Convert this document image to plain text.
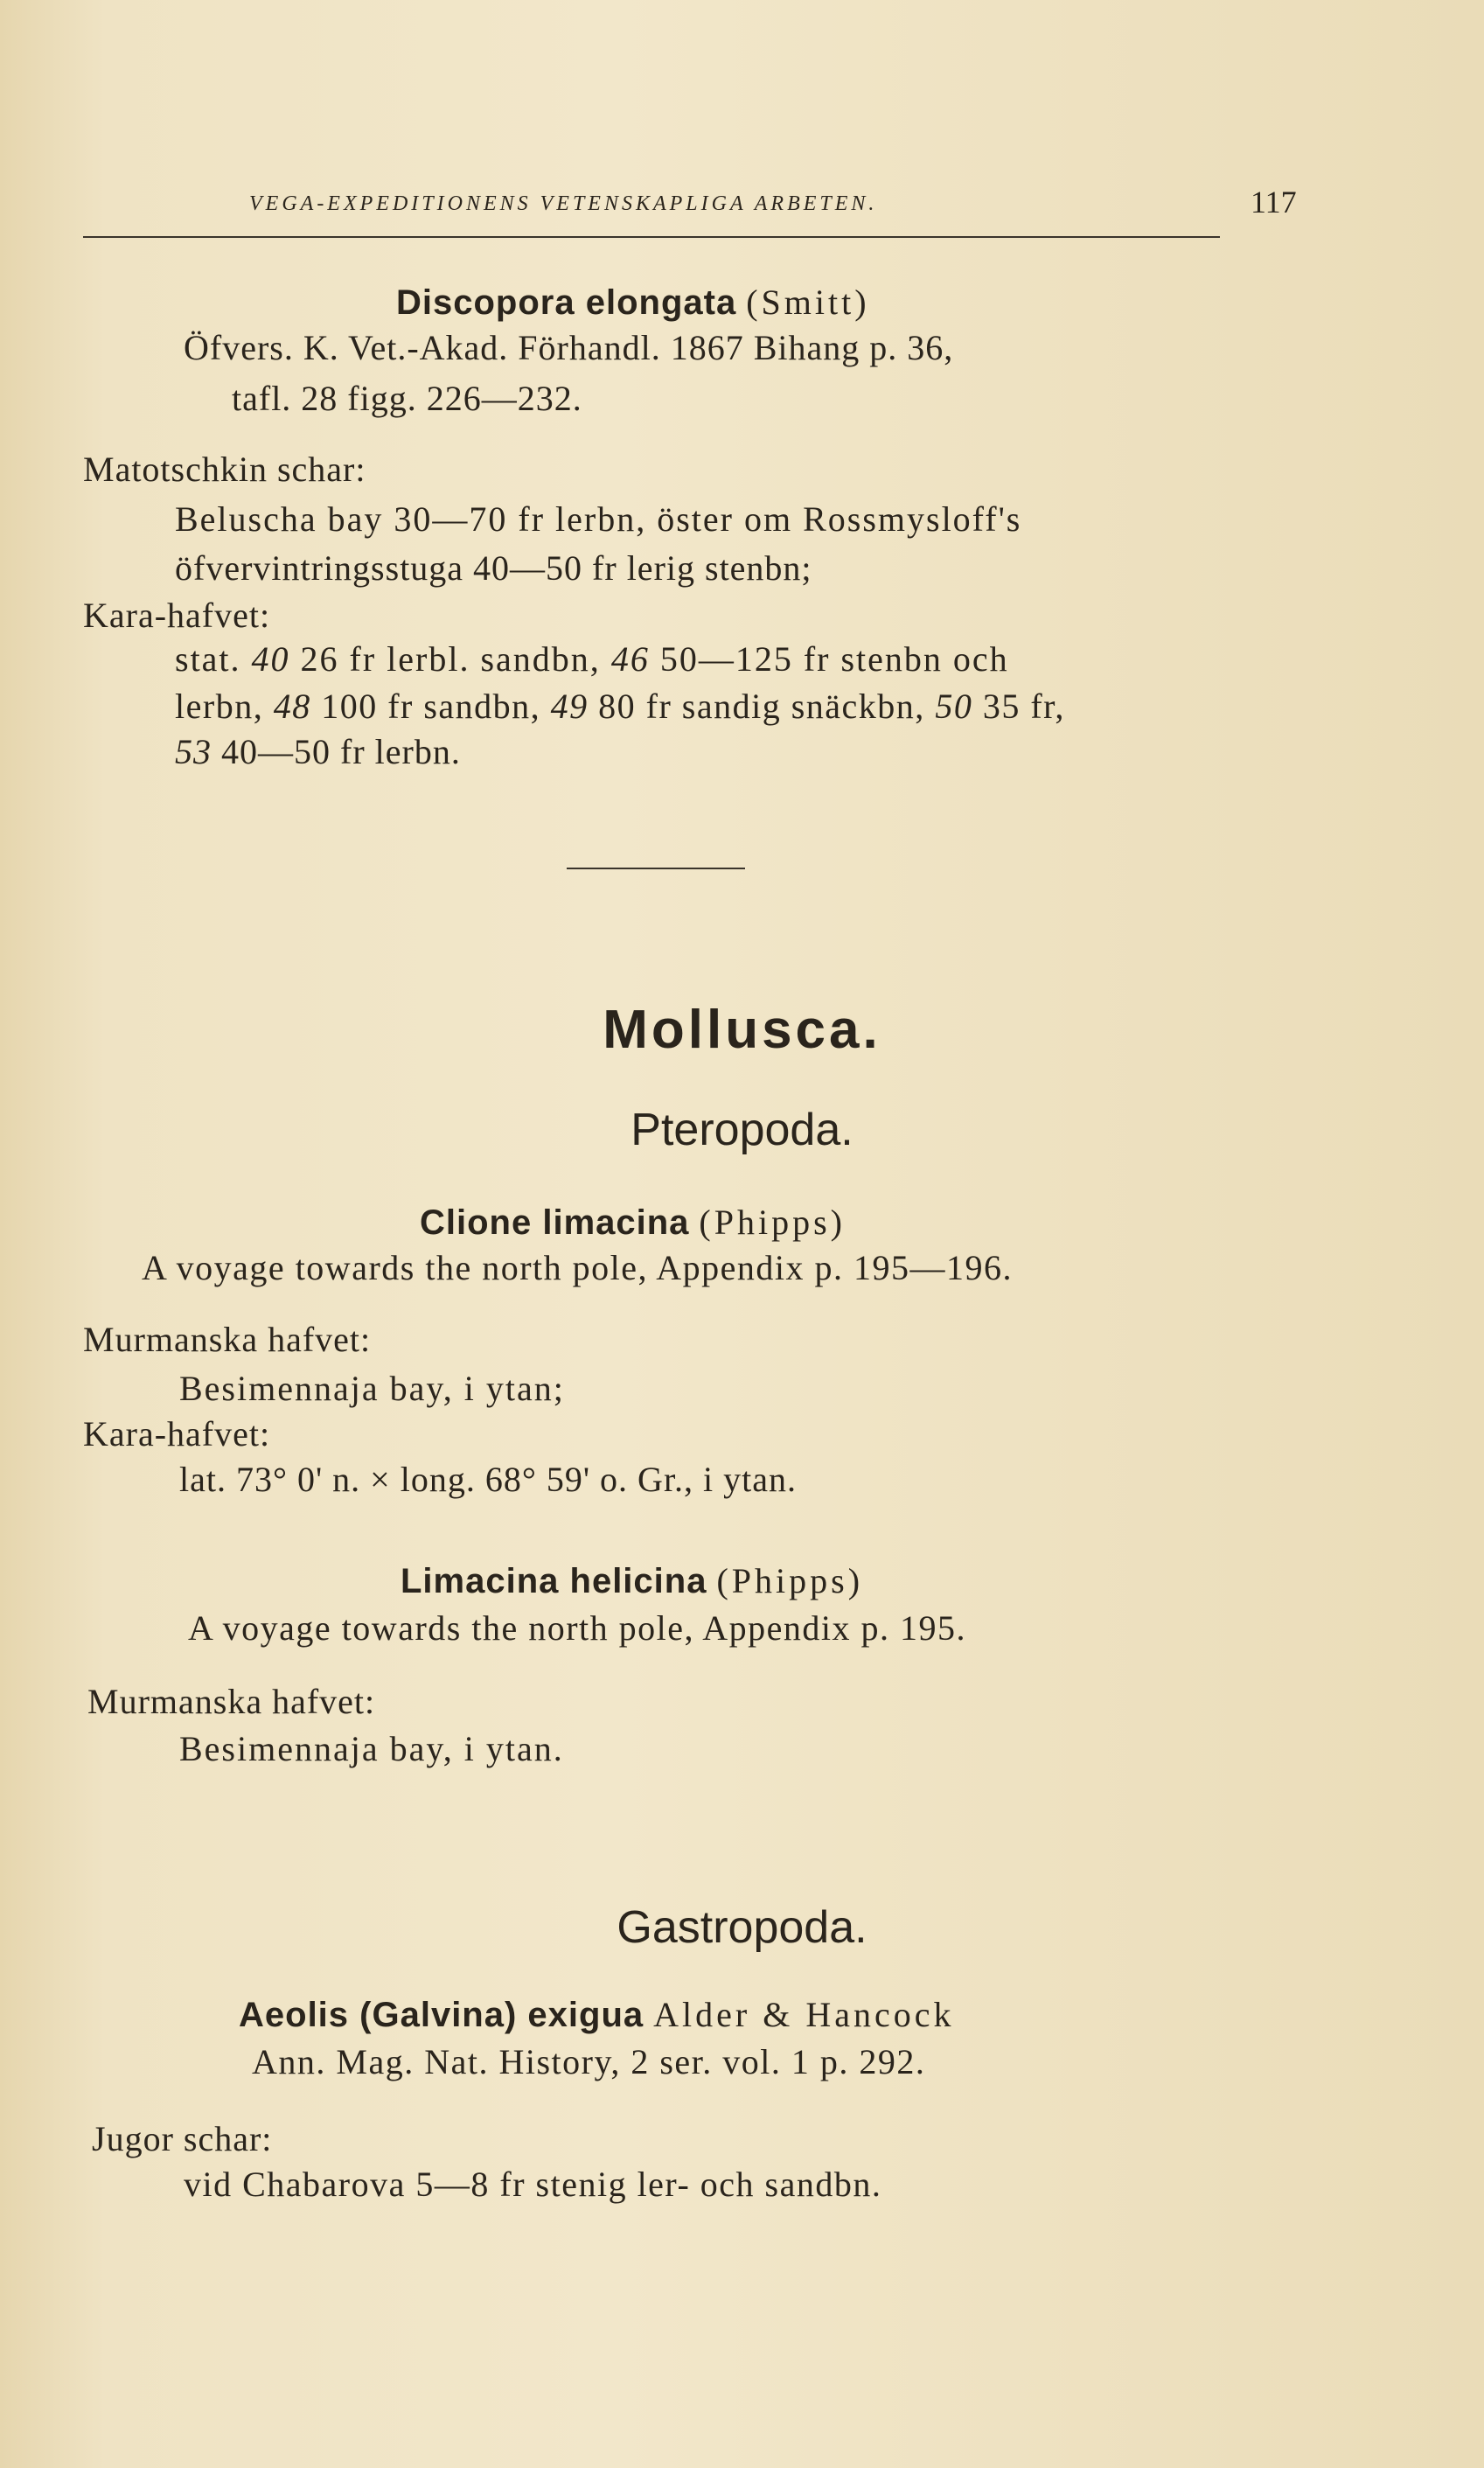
VEGA-EXPEDITIONENS VETENSKAPLIGA ARBETEN.	117
Discopora elongata (Smitt)
Öfvers. K. Vet.-Akad. Förhandl. 1867 Bihang p. 36,
tafl. 28 figg. 226—232.
Matotschkin schar:
Beluscha bay 30—70 fr lerbn, öster om Rossmysloff's
öfvervintringsstuga 40—50 fr lerig stenbn;
Kara-hafvet:
stat. 40 26 fr lerbl. sandbn, 46 50—125 fr stenbn och
lerbn, 48 100 fr sandbn, 49 80 fr sandig snäckbn, 50 35 fr,
53 40—50 fr lerbn.
Mollusca.
Pteropoda.
Clione limacina (Phipps)
A voyage towards the north pole, Appendix p. 195—196.
Murmanska hafvet:
Besimennaja bay, i ytan;
Kara-hafvet:
lat. 73° 0' n. × long. 68° 59' o. Gr., i ytan.
Limacina helicina (Phipps)
A voyage towards the north pole, Appendix p. 195.
Murmanska hafvet:
Besimennaja bay, i ytan.
Gastropoda.
Aeolis (Galvina) exigua Alder & Hancock
Ann. Mag. Nat. History, 2 ser. vol. 1 p. 292.
Jugor schar:
vid Chabarova 5—8 fr stenig ler- och sandbn.
